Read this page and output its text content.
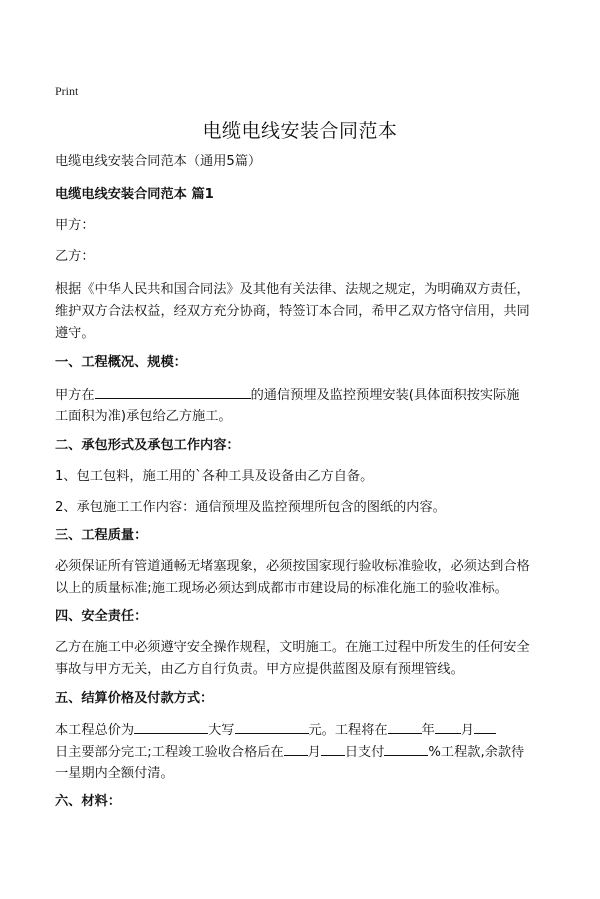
Print
电缆电线安装合同范本
电缆电线安装合同范本（通用5篇）
电缆电线安装合同范本 篇1
甲方：
乙方：
根据《中华人民共和国合同法》及其他有关法律、法规之规定，为明确双方责任，
维护双方合法权益，经双方充分协商，特签订本合同，希甲乙双方恪守信用，共同
遵守。
一、工程概况、规模：
甲方在	的通信预埋及监控预埋安装(具体面积按实际施
工面积为准)承包给乙方施工。
二、承包形式及承包工作内容：
1、包工包料，施工用的`各种工具及设备由乙方自备。
2、承包施工工作内容：通信预埋及监控预埋所包含的图纸的内容。
三、工程质量：
必须保证所有管道通畅无堵塞现象，必须按国家现行验收标准验收，必须达到合格
以上的质量标准;施工现场必须达到成都市市建设局的标准化施工的验收准标。
四、安全责任：
乙方在施工中必须遵守安全操作规程，文明施工。在施工过程中所发生的任何安全
事故与甲方无关，由乙方自行负责。甲方应提供蓝图及原有预埋管线。
五、结算价格及付款方式：
本工程总价为	大写	元。工程将在	年 月
日主要部分完工;工程竣工验收合格后在 月 日支付	%工程款,余款待
一星期内全额付清。
六、材料：
